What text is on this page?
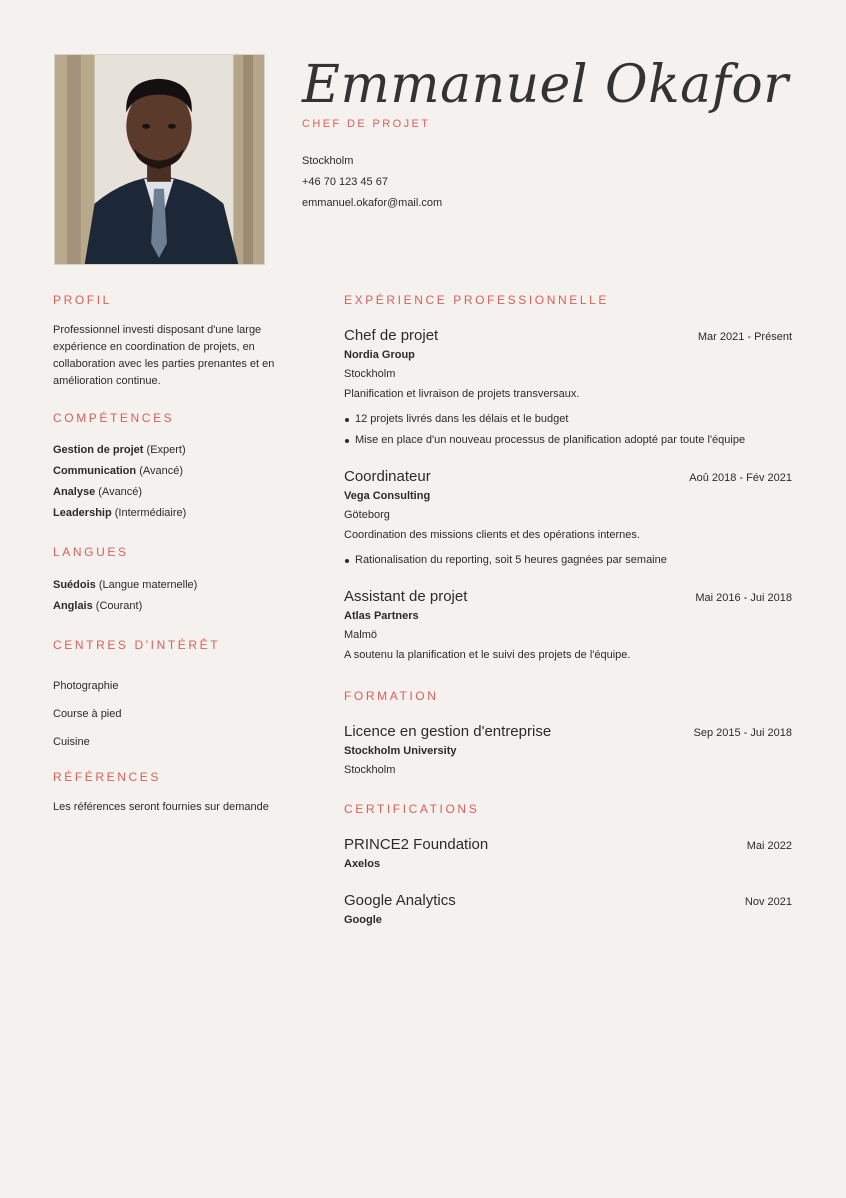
Emmanuel Okafor
CHEF DE PROJET
Stockholm
+46 70 123 45 67
emmanuel.okafor@mail.com
PROFIL
Professionnel investi disposant d'une large expérience en coordination de projets, en collaboration avec les parties prenantes et en amélioration continue.
COMPÉTENCES
Gestion de projet (Expert)
Communication (Avancé)
Analyse (Avancé)
Leadership (Intermédiaire)
LANGUES
Suédois (Langue maternelle)
Anglais (Courant)
CENTRES D'INTÉRÊT
Photographie
Course à pied
Cuisine
RÉFÉRENCES
Les références seront fournies sur demande
EXPÉRIENCE PROFESSIONNELLE
Chef de projet	Mar 2021 - Présent
Nordia Group
Stockholm
Planification et livraison de projets transversaux.
12 projets livrés dans les délais et le budget
Mise en place d'un nouveau processus de planification adopté par toute l'équipe
Coordinateur	Aoû 2018 - Fév 2021
Vega Consulting
Göteborg
Coordination des missions clients et des opérations internes.
Rationalisation du reporting, soit 5 heures gagnées par semaine
Assistant de projet	Mai 2016 - Jui 2018
Atlas Partners
Malmö
A soutenu la planification et le suivi des projets de l'équipe.
FORMATION
Licence en gestion d'entreprise	Sep 2015 - Jui 2018
Stockholm University
Stockholm
CERTIFICATIONS
PRINCE2 Foundation	Mai 2022
Axelos
Google Analytics	Nov 2021
Google
